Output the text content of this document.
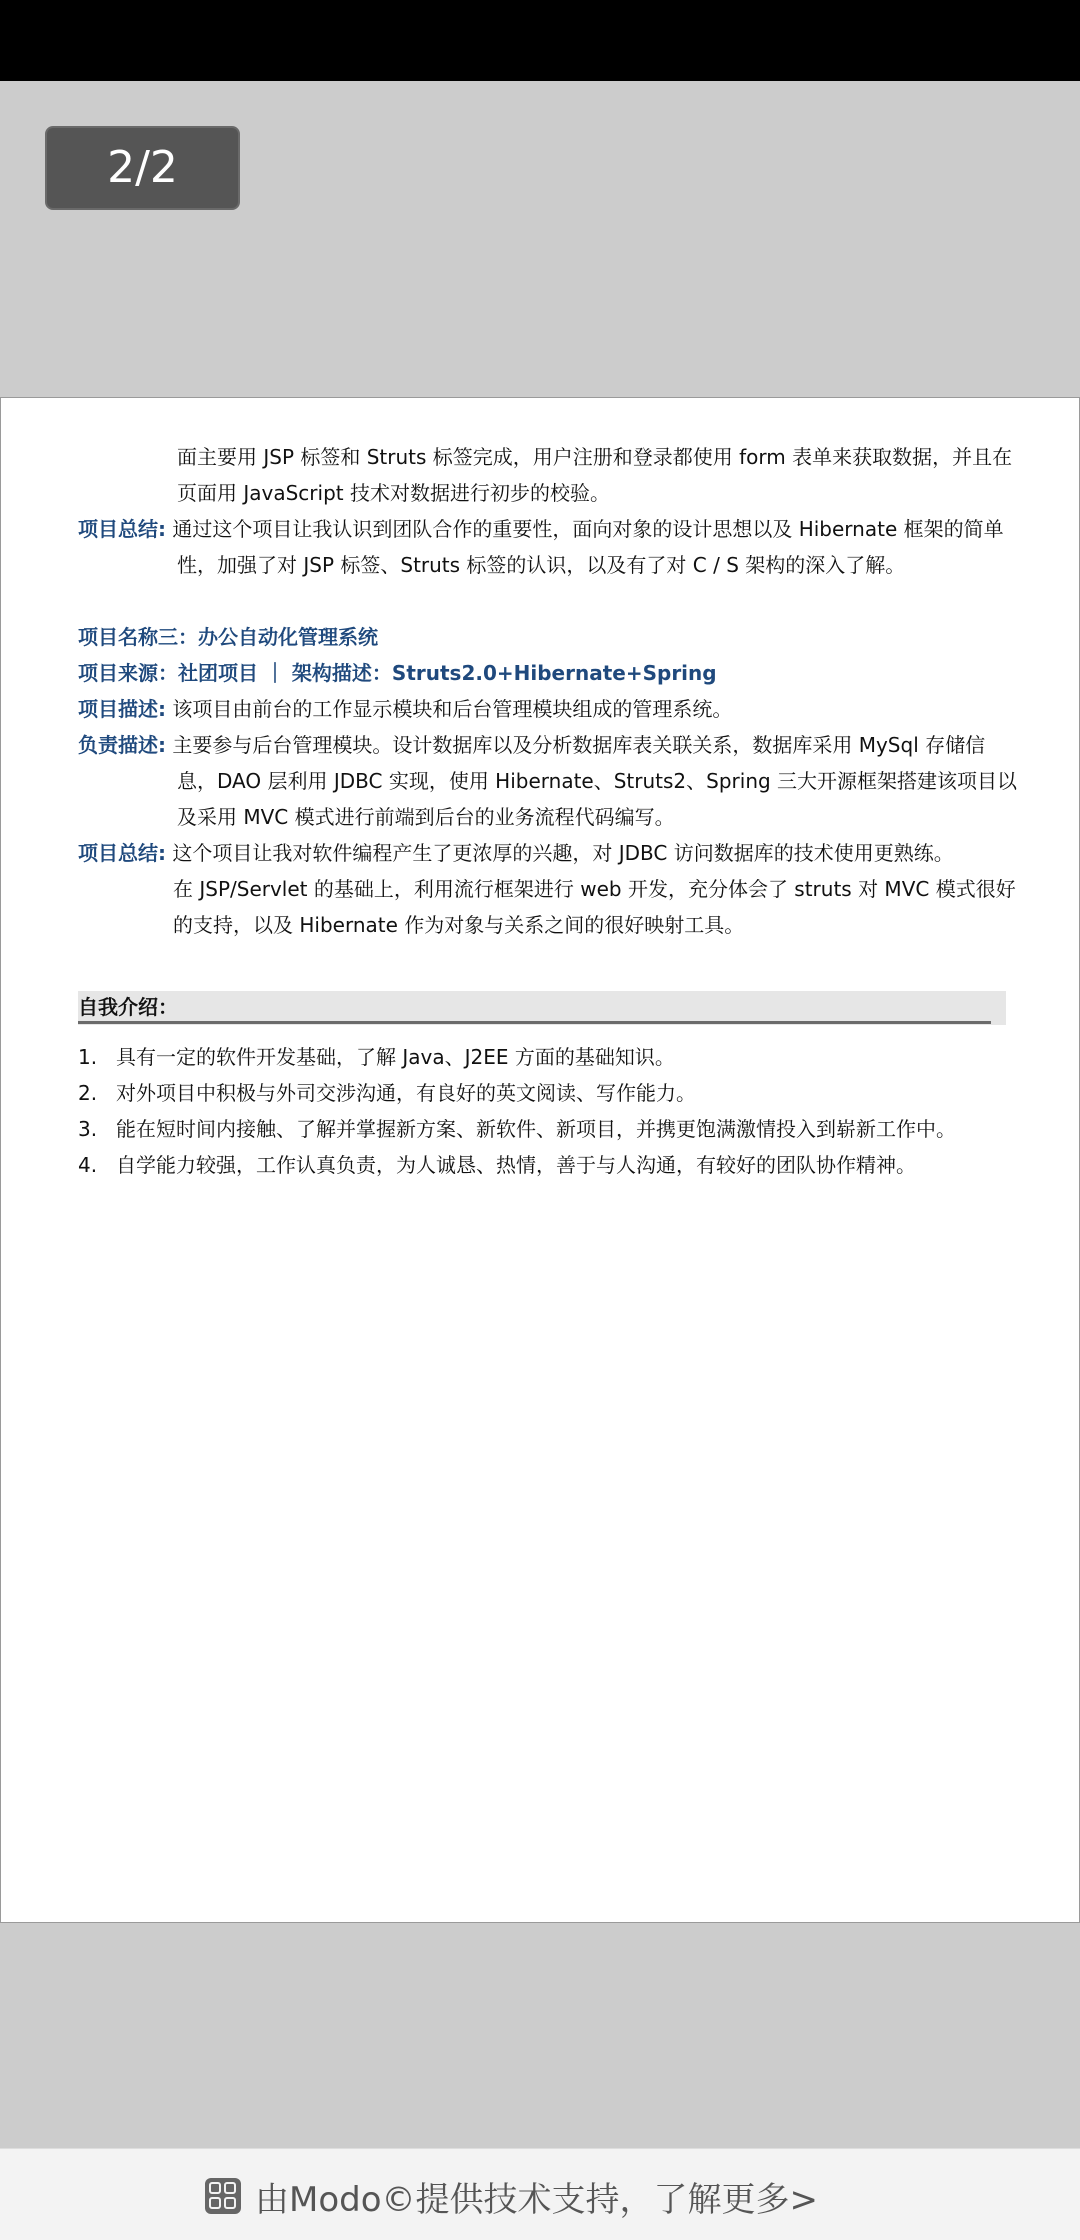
2/2
面主要用 JSP 标签和 Struts 标签完成，用户注册和登录都使用 form 表单来获取数据，并且在
页面用 JavaScript 技术对数据进行初步的校验。
项目总结: 通过这个项目让我认识到团队合作的重要性，面向对象的设计思想以及 Hibernate 框架的简单
性，加强了对 JSP 标签、Struts 标签的认识，以及有了对 C / S 架构的深入了解。
项目名称三：办公自动化管理系统
项目来源：社团项目 ｜ 架构描述：Struts2.0+Hibernate+Spring
项目描述: 该项目由前台的工作显示模块和后台管理模块组成的管理系统。
负责描述: 主要参与后台管理模块。设计数据库以及分析数据库表关联关系，数据库采用 MySql 存储信
息，DAO 层利用 JDBC 实现，使用 Hibernate、Struts2、Spring 三大开源框架搭建该项目以
及采用 MVC 模式进行前端到后台的业务流程代码编写。
项目总结: 这个项目让我对软件编程产生了更浓厚的兴趣，对 JDBC 访问数据库的技术使用更熟练。
在 JSP/Servlet 的基础上，利用流行框架进行 web 开发，充分体会了 struts 对 MVC 模式很好
的支持，以及 Hibernate 作为对象与关系之间的很好映射工具。
自我介绍：
1. 具有一定的软件开发基础，了解 Java、J2EE 方面的基础知识。
2. 对外项目中积极与外司交涉沟通，有良好的英文阅读、写作能力。
3. 能在短时间内接触、了解并掌握新方案、新软件、新项目，并携更饱满激情投入到崭新工作中。
4. 自学能力较强，工作认真负责，为人诚恳、热情，善于与人沟通，有较好的团队协作精神。
由Modo©提供技术支持，了解更多>
